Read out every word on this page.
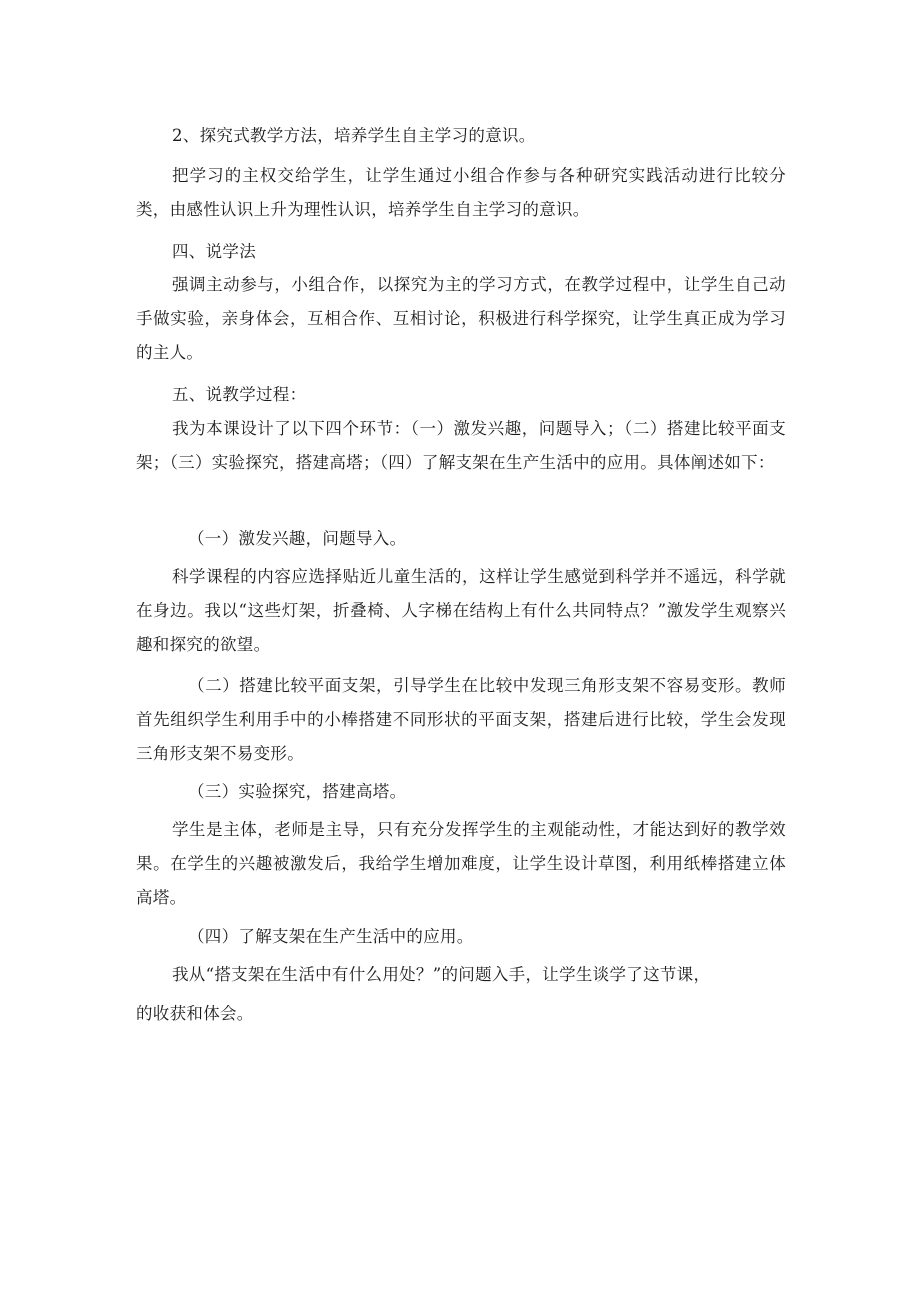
2、探究式教学方法，培养学生自主学习的意识。

把学习的主权交给学生，让学生通过小组合作参与各种研究实践活动进行比较分类，由感性认识上升为理性认识，培养学生自主学习的意识。

四、说学法

强调主动参与，小组合作，以探究为主的学习方式，在教学过程中，让学生自己动手做实验，亲身体会，互相合作、互相讨论，积极进行科学探究，让学生真正成为学习的主人。

五、说教学过程：

我为本课设计了以下四个环节：（一）激发兴趣，问题导入；（二）搭建比较平面支架；（三）实验探究，搭建高塔；（四）了解支架在生产生活中的应用。具体阐述如下：

（一）激发兴趣，问题导入。

科学课程的内容应选择贴近儿童生活的，这样让学生感觉到科学并不遥远，科学就在身边。我以“这些灯架，折叠椅、人字梯在结构上有什么共同特点？”激发学生观察兴趣和探究的欲望。

（二）搭建比较平面支架，引导学生在比较中发现三角形支架不容易变形。教师首先组织学生利用手中的小棒搭建不同形状的平面支架，搭建后进行比较，学生会发现三角形支架不易变形。

（三）实验探究，搭建高塔。

学生是主体，老师是主导，只有充分发挥学生的主观能动性，才能达到好的教学效果。在学生的兴趣被激发后，我给学生增加难度，让学生设计草图，利用纸棒搭建立体高塔。

（四）了解支架在生产生活中的应用。

我从“搭支架在生活中有什么用处？”的问题入手，让学生谈学了这节课，

的收获和体会。
